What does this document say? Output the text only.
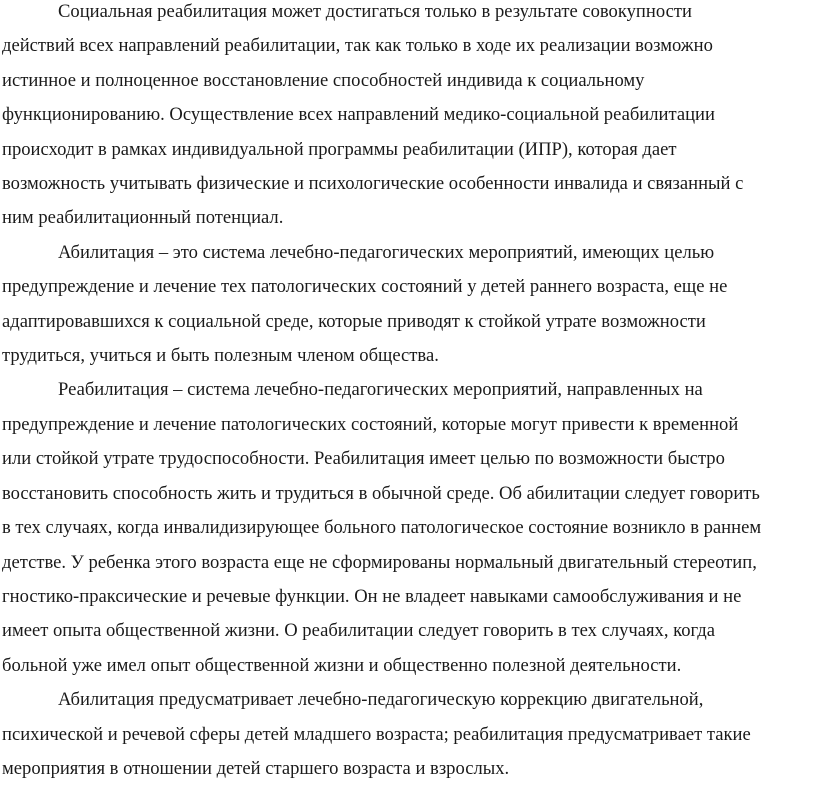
Социальная реабилитация может достигаться только в результате совокупности
действий всех направлений реабилитации, так как только в ходе их реализации возможно
истинное и полноценное восстановление способностей индивида к социальному
функционированию. Осуществление всех направлений медико-социальной реабилитации
происходит в рамках индивидуальной программы реабилитации (ИПР), которая дает
возможность учитывать физические и психологические особенности инвалида и связанный с
ним реабилитационный потенциал.

Абилитация – это система лечебно-педагогических мероприятий, имеющих целью
предупреждение и лечение тех патологических состояний у детей раннего возраста, еще не
адаптировавшихся к социальной среде, которые приводят к стойкой утрате возможности
трудиться, учиться и быть полезным членом общества.

Реабилитация – система лечебно-педагогических мероприятий, направленных на
предупреждение и лечение патологических состояний, которые могут привести к временной
или стойкой утрате трудоспособности. Реабилитация имеет целью по возможности быстро
восстановить способность жить и трудиться в обычной среде. Об абилитации следует говорить
в тех случаях, когда инвалидизирующее больного патологическое состояние возникло в раннем
детстве. У ребенка этого возраста еще не сформированы нормальный двигательный стереотип,
гностико-праксические и речевые функции. Он не владеет навыками самообслуживания и не
имеет опыта общественной жизни. О реабилитации следует говорить в тех случаях, когда
больной уже имел опыт общественной жизни и общественно полезной деятельности.

Абилитация предусматривает лечебно-педагогическую коррекцию двигательной,
психической и речевой сферы детей младшего возраста; реабилитация предусматривает такие
мероприятия в отношении детей старшего возраста и взрослых.
